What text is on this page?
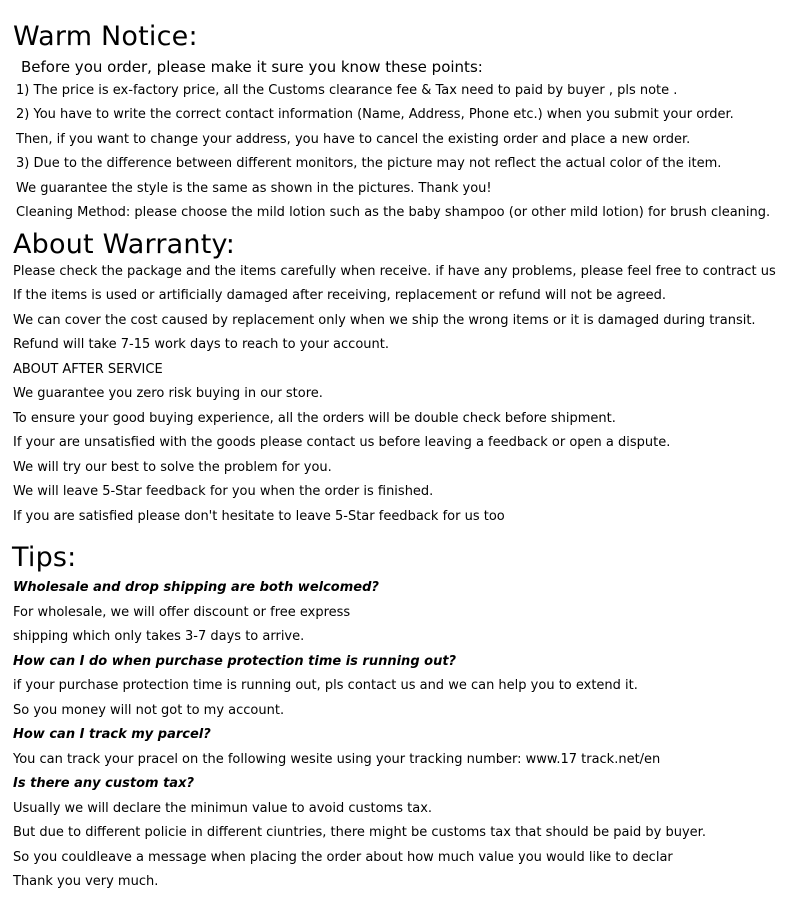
Warm Notice:
Before you order, please make it sure you know these points:
1) The price is ex-factory price, all the Customs clearance fee & Tax need to paid by buyer , pls note .
2) You have to write the correct contact information (Name, Address, Phone etc.) when you submit your order.
Then, if you want to change your address, you have to cancel the existing order and place a new order.
3) Due to the difference between different monitors, the picture may not reflect the actual color of the item.
We guarantee the style is the same as shown in the pictures. Thank you!
Cleaning Method: please choose the mild lotion such as the baby shampoo (or other mild lotion) for brush cleaning.
About Warranty:
Please check the package and the items carefully when receive. if have any problems, please feel free to contract us
If the items is used or artificially damaged after receiving, replacement or refund will not be agreed.
We can cover the cost caused by replacement only when we ship the wrong items or it is damaged during transit.
Refund will take 7-15 work days to reach to your account.
ABOUT AFTER SERVICE
We guarantee you zero risk buying in our store.
To ensure your good buying experience, all the orders will be double check before shipment.
If your are unsatisfied with the goods please contact us before leaving a feedback or open a dispute.
We will try our best to solve the problem for you.
We will leave 5-Star feedback for you when the order is finished.
If you are satisfied please don't hesitate to leave 5-Star feedback for us too
Tips:
Wholesale and drop shipping are both welcomed?
For wholesale, we will offer discount or free express
shipping which only takes 3-7 days to arrive.
How can I do when purchase protection time is running out?
if your purchase protection time is running out, pls contact us and we can help you to extend it.
So you money will not got to my account.
How can I track my parcel?
You can track your pracel on the following wesite using your tracking number: www.17 track.net/en
Is there any custom tax?
Usually we will declare the minimun value to avoid customs tax.
But due to different policie in different ciuntries, there might be customs tax that should be paid by buyer.
So you couldleave a message when placing the order about how much value you would like to declar
Thank you very much.
